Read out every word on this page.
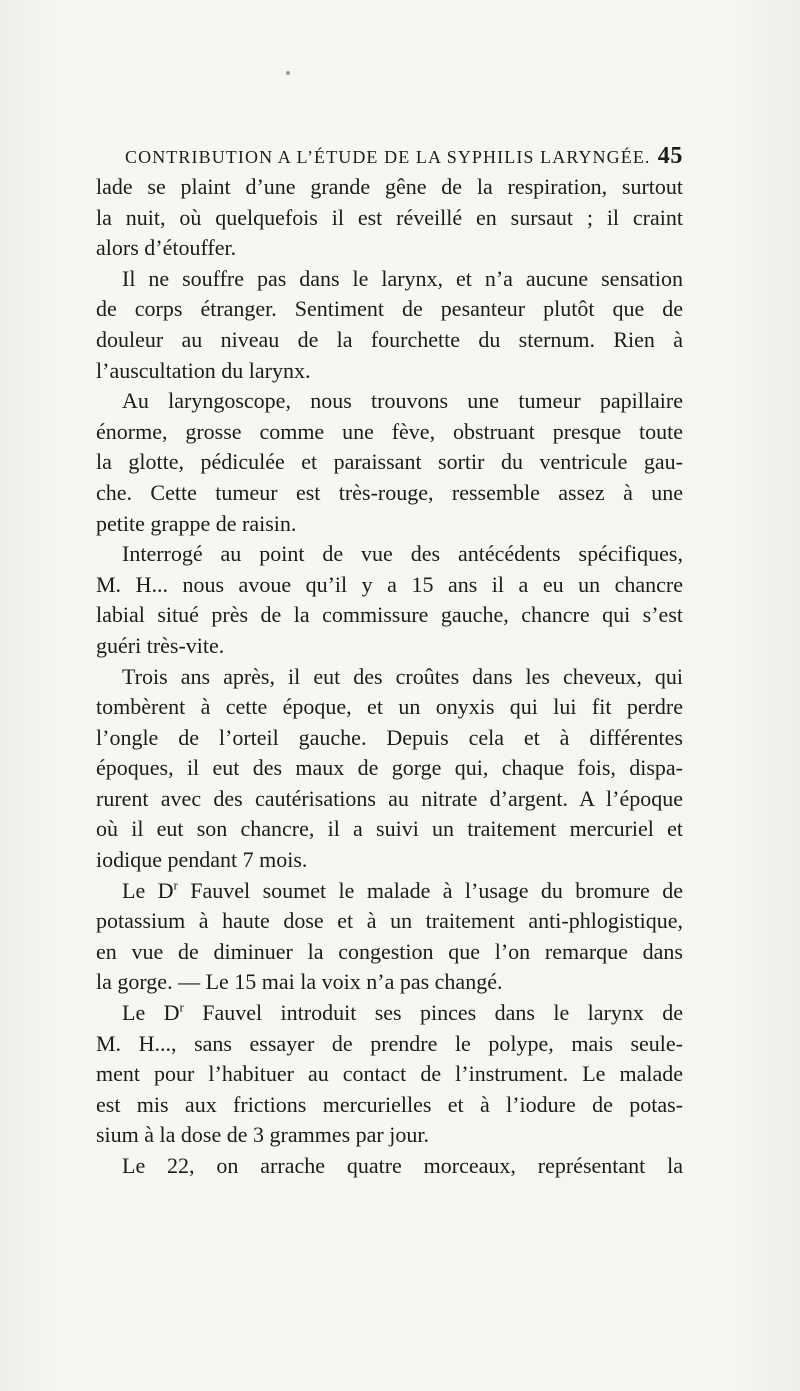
CONTRIBUTION A L’ÉTUDE DE LA SYPHILIS LARYNGÉE. 45
lade se plaint d’une grande gêne de la respiration, surtout
la nuit, où quelquefois il est réveillé en sursaut ; il craint
alors d’étouffer.
Il ne souffre pas dans le larynx, et n’a aucune sensation
de corps étranger. Sentiment de pesanteur plutôt que de
douleur au niveau de la fourchette du sternum. Rien à
l’auscultation du larynx.
Au laryngoscope, nous trouvons une tumeur papillaire
énorme, grosse comme une fève, obstruant presque toute
la glotte, pédiculée et paraissant sortir du ventricule gau-
che. Cette tumeur est très-rouge, ressemble assez à une
petite grappe de raisin.
Interrogé au point de vue des antécédents spécifiques,
M. H... nous avoue qu’il y a 15 ans il a eu un chancre
labial situé près de la commissure gauche, chancre qui s’est
guéri très-vite.
Trois ans après, il eut des croûtes dans les cheveux, qui
tombèrent à cette époque, et un onyxis qui lui fit perdre
l’ongle de l’orteil gauche. Depuis cela et à différentes
époques, il eut des maux de gorge qui, chaque fois, dispa-
rurent avec des cautérisations au nitrate d’argent. A l’époque
où il eut son chancre, il a suivi un traitement mercuriel et
iodique pendant 7 mois.
Le $D^r$ Fauvel soumet le malade à l’usage du bromure de
potassium à haute dose et à un traitement anti-phlogistique,
en vue de diminuer la congestion que l’on remarque dans
la gorge. — Le 15 mai la voix n’a pas changé.
Le $D^r$ Fauvel introduit ses pinces dans le larynx de
M. H..., sans essayer de prendre le polype, mais seule-
ment pour l’habituer au contact de l’instrument. Le malade
est mis aux frictions mercurielles et à l’iodure de potas-
sium à la dose de 3 grammes par jour.
Le 22, on arrache quatre morceaux, représentant la
